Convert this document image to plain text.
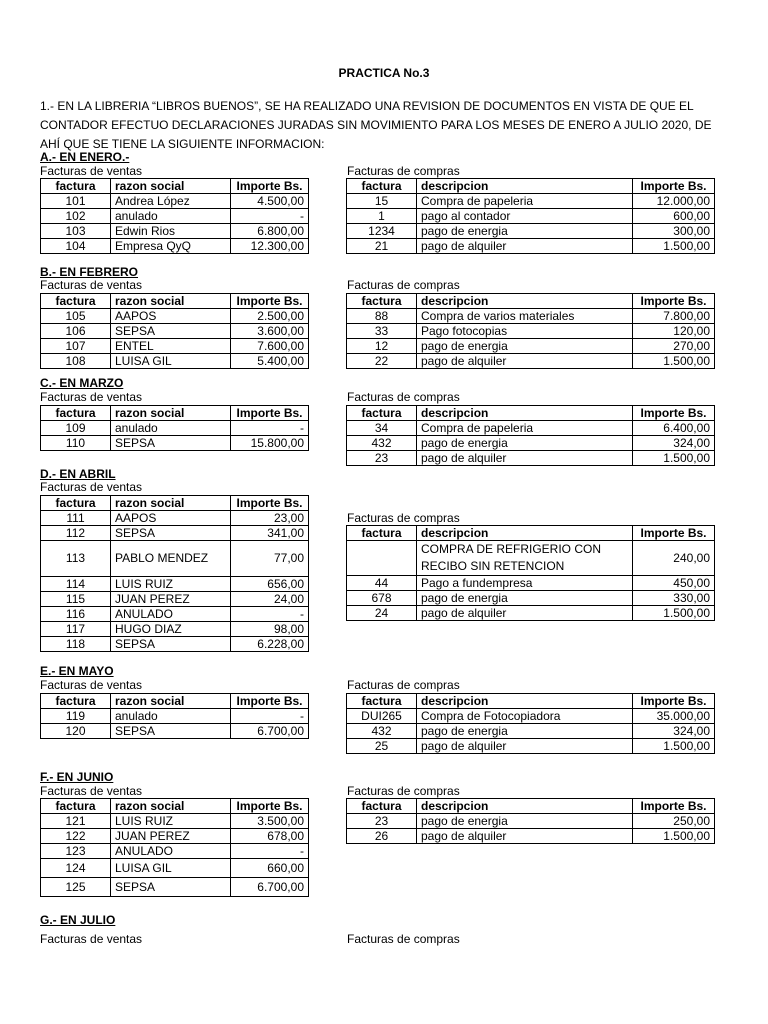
PRACTICA No.3
1.- EN LA LIBRERIA “LIBROS BUENOS”, SE HA REALIZADO UNA REVISION DE DOCUMENTOS EN VISTA DE QUE EL
CONTADOR EFECTUO DECLARACIONES JURADAS SIN MOVIMIENTO PARA LOS MESES DE ENERO A JULIO 2020, DE
AHÍ QUE SE TIENE LA SIGUIENTE INFORMACION:
A.- EN ENERO.-
Facturas de ventas	Facturas de compras
factura	razon social	Importe Bs.
101	Andrea López	4.500,00
102	anulado	-
103	Edwin Rios	6.800,00
104	Empresa QyQ	12.300,00
factura	descripcion	Importe Bs.
15	Compra de papeleria	12.000,00
1	pago al contador	600,00
1234	pago de energia	300,00
21	pago de alquiler	1.500,00
B.- EN FEBRERO
Facturas de ventas	Facturas de compras
factura	razon social	Importe Bs.
105	AAPOS	2.500,00
106	SEPSA	3.600,00
107	ENTEL	7.600,00
108	LUISA GIL	5.400,00
factura	descripcion	Importe Bs.
88	Compra de varios materiales	7.800,00
33	Pago fotocopias	120,00
12	pago de energia	270,00
22	pago de alquiler	1.500,00
C.- EN MARZO
Facturas de ventas	Facturas de compras
factura	razon social	Importe Bs.
109	anulado	-
110	SEPSA	15.800,00
factura	descripcion	Importe Bs.
34	Compra de papeleria	6.400,00
432	pago de energia	324,00
23	pago de alquiler	1.500,00
D.- EN ABRIL
Facturas de ventas
factura	razon social	Importe Bs.
111	AAPOS	23,00
112	SEPSA	341,00
113	PABLO MENDEZ	77,00
114	LUIS RUIZ	656,00
115	JUAN PEREZ	24,00
116	ANULADO	-
117	HUGO DIAZ	98,00
118	SEPSA	6.228,00
Facturas de compras
factura	descripcion	Importe Bs.
	COMPRA DE REFRIGERIO CON RECIBO SIN RETENCION	240,00
44	Pago a fundempresa	450,00
678	pago de energia	330,00
24	pago de alquiler	1.500,00
E.- EN MAYO
Facturas de ventas	Facturas de compras
factura	razon social	Importe Bs.
119	anulado	-
120	SEPSA	6.700,00
factura	descripcion	Importe Bs.
DUI265	Compra de Fotocopiadora	35.000,00
432	pago de energia	324,00
25	pago de alquiler	1.500,00
F.- EN JUNIO
Facturas de ventas	Facturas de compras
factura	razon social	Importe Bs.
121	LUIS RUIZ	3.500,00
122	JUAN PEREZ	678,00
123	ANULADO	-
124	LUISA GIL	660,00
125	SEPSA	6.700,00
factura	descripcion	Importe Bs.
23	pago de energia	250,00
26	pago de alquiler	1.500,00
G.- EN JULIO
Facturas de ventas	Facturas de compras
